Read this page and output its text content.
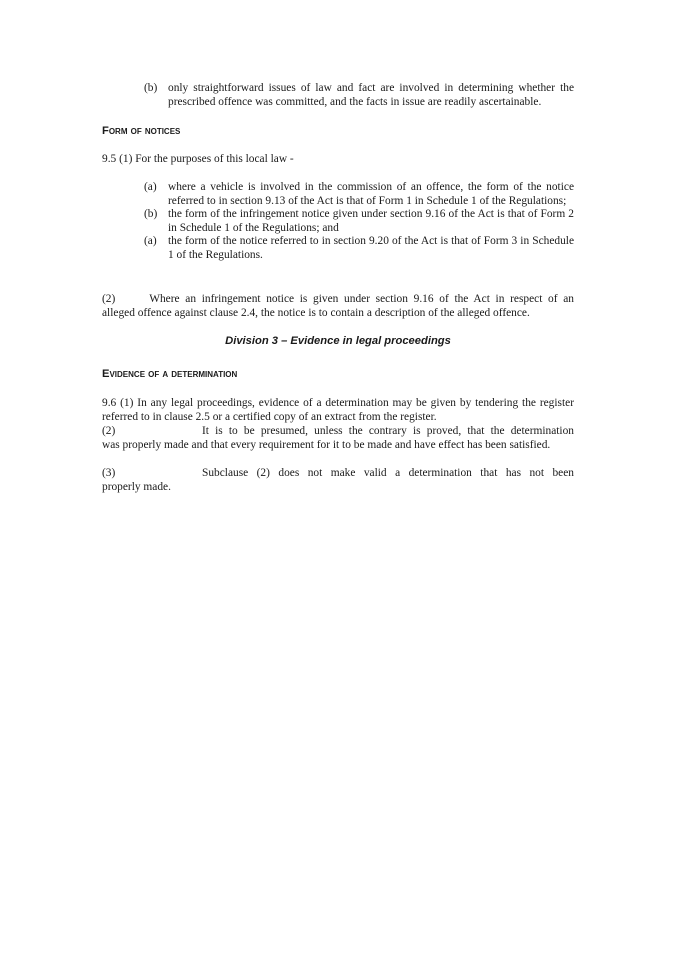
(b) only straightforward issues of law and fact are involved in determining whether the prescribed offence was committed, and the facts in issue are readily ascertainable.
Form of notices
9.5 (1) For the purposes of this local law -
(a) where a vehicle is involved in the commission of an offence, the form of the notice referred to in section 9.13 of the Act is that of Form 1 in Schedule 1 of the Regulations;
(b) the form of the infringement notice given under section 9.16 of the Act is that of Form 2 in Schedule 1 of the Regulations; and
(a) the form of the notice referred to in section 9.20 of the Act is that of Form 3 in Schedule 1 of the Regulations.
(2)      Where an infringement notice is given under section 9.16 of the Act in respect of an
alleged offence against clause 2.4, the notice is to contain a description of the alleged offence.
Division 3 – Evidence in legal proceedings
Evidence of a determination
9.6 (1) In any legal proceedings, evidence of a determination may be given by tendering the register referred to in clause 2.5 or a certified copy of an extract from the register.
(2)	It is to be presumed, unless the contrary is proved, that the determination
was properly made and that every requirement for it to be made and have effect has been satisfied.
(3)	Subclause (2) does not make valid a determination that has not been
properly made.
